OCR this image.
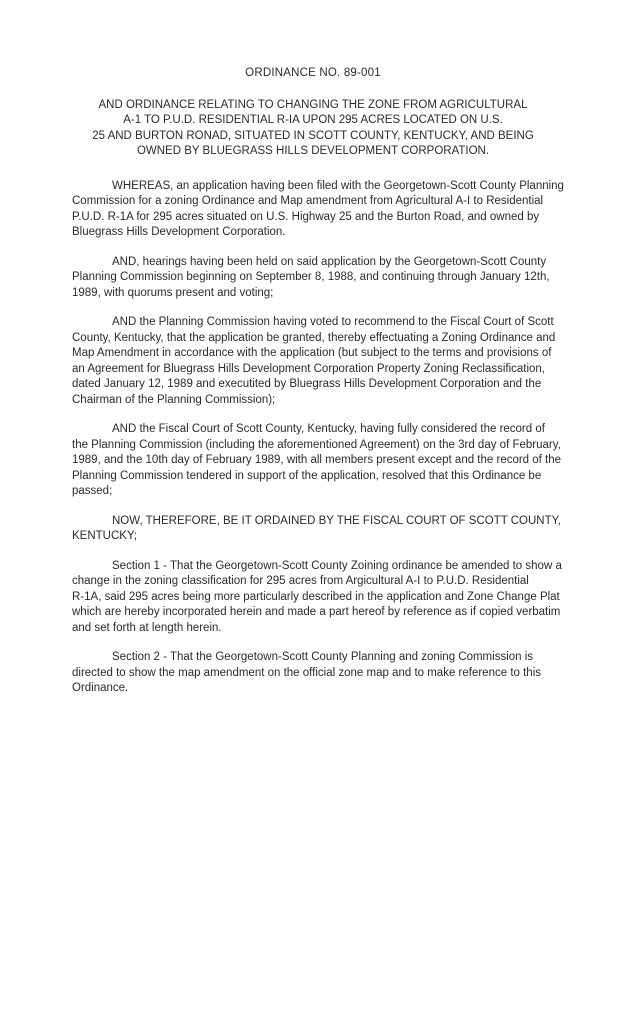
ORDINANCE NO. 89-001
AND ORDINANCE RELATING TO CHANGING THE ZONE FROM AGRICULTURAL
A-1 TO P.U.D. RESIDENTIAL R-IA UPON 295 ACRES LOCATED ON U.S.
25 AND BURTON RONAD, SITUATED IN SCOTT COUNTY, KENTUCKY, AND BEING
OWNED BY BLUEGRASS HILLS DEVELOPMENT CORPORATION.
WHEREAS, an application having been filed with the Georgetown-Scott County Planning
Commission for a zoning Ordinance and Map amendment from Agricultural A-I to Residential
P.U.D. R-1A for 295 acres situated on U.S. Highway 25 and the Burton Road, and owned by
Bluegrass Hills Development Corporation.
AND, hearings having been held on said application by the Georgetown-Scott County
Planning Commission beginning on September 8, 1988, and continuing through January 12th,
1989, with quorums present and voting;
AND the Planning Commission having voted to recommend to the Fiscal Court of Scott
County, Kentucky, that the application be granted, thereby effectuating a Zoning Ordinance and
Map Amendment in accordance with the application (but subject to the terms and provisions of
an Agreement for Bluegrass Hills Development Corporation Property Zoning Reclassification,
dated January 12, 1989 and executited by Bluegrass Hills Development Corporation and the
Chairman of the Planning Commission);
AND the Fiscal Court of Scott County, Kentucky, having fully considered the record of
the Planning Commission (including the aforementioned Agreement) on the 3rd day of February,
1989, and the 10th day of February 1989, with all members present except and the record of the
Planning Commission tendered in support of the application, resolved that this Ordinance be
passed;
NOW, THEREFORE, BE IT ORDAINED BY THE FISCAL COURT OF SCOTT COUNTY,
KENTUCKY;
Section 1 - That the Georgetown-Scott County Zoining ordinance be amended to show a
change in the zoning classification for 295 acres from Argicultural A-I to P.U.D. Residential
R-1A, said 295 acres being more particularly described in the application and Zone Change Plat
which are hereby incorporated herein and made a part hereof by reference as if copied verbatim
and set forth at length herein.
Section 2 - That the Georgetown-Scott County Planning and zoning Commission is
directed to show the map amendment on the official zone map and to make reference to this
Ordinance.
